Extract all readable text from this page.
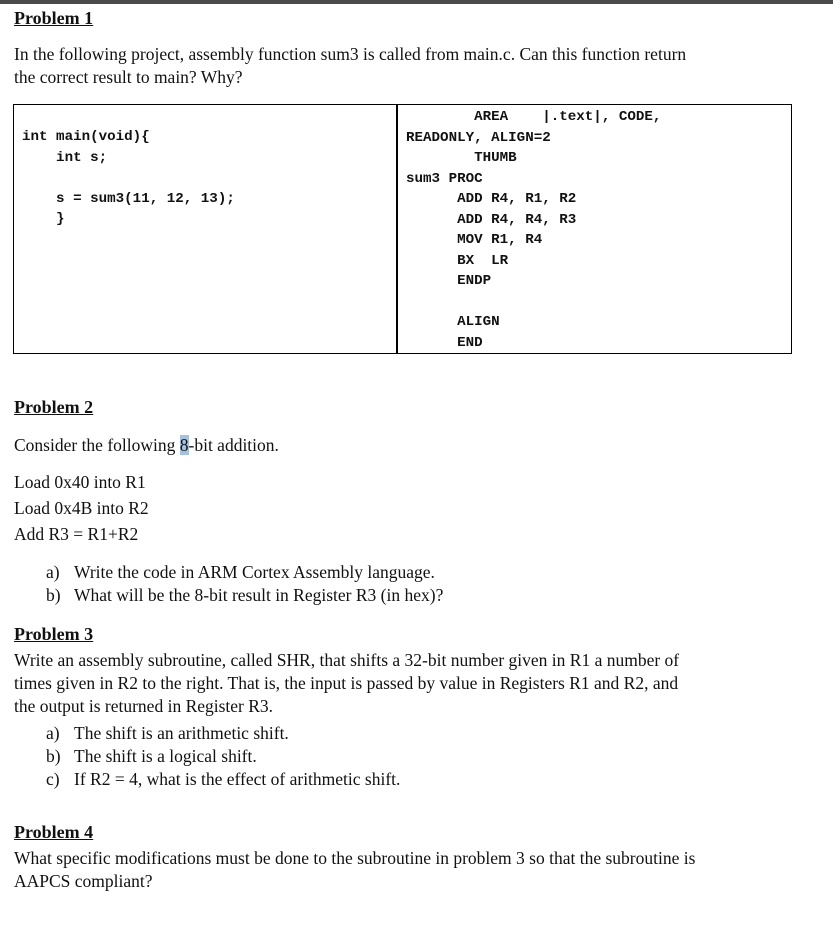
Problem 1

In the following project, assembly function sum3 is called from main.c. Can this function return

the correct result to main? Why?

int main(void){

int s;

s = sum3(11, 12, 13);

}

AREA    |.text|, CODE,

READONLY, ALIGN=2

THUMB

sum3 PROC

ADD R4, R1, R2

ADD R4, R4, R3

MOV R1, R4

BX  LR

ENDP

ALIGN

END

Problem 2

Consider the following 8-bit addition.

Load 0x40 into R1

Load 0x4B into R2

Add R3 = R1+R2

a) Write the code in ARM Cortex Assembly language.
b) What will be the 8-bit result in Register R3 (in hex)?

Problem 3

Write an assembly subroutine, called SHR, that shifts a 32-bit number given in R1 a number of

times given in R2 to the right. That is, the input is passed by value in Registers R1 and R2, and

the output is returned in Register R3.

a) The shift is an arithmetic shift.
b) The shift is a logical shift.
c) If R2 = 4, what is the effect of arithmetic shift.

Problem 4

What specific modifications must be done to the subroutine in problem 3 so that the subroutine is

AAPCS compliant?
